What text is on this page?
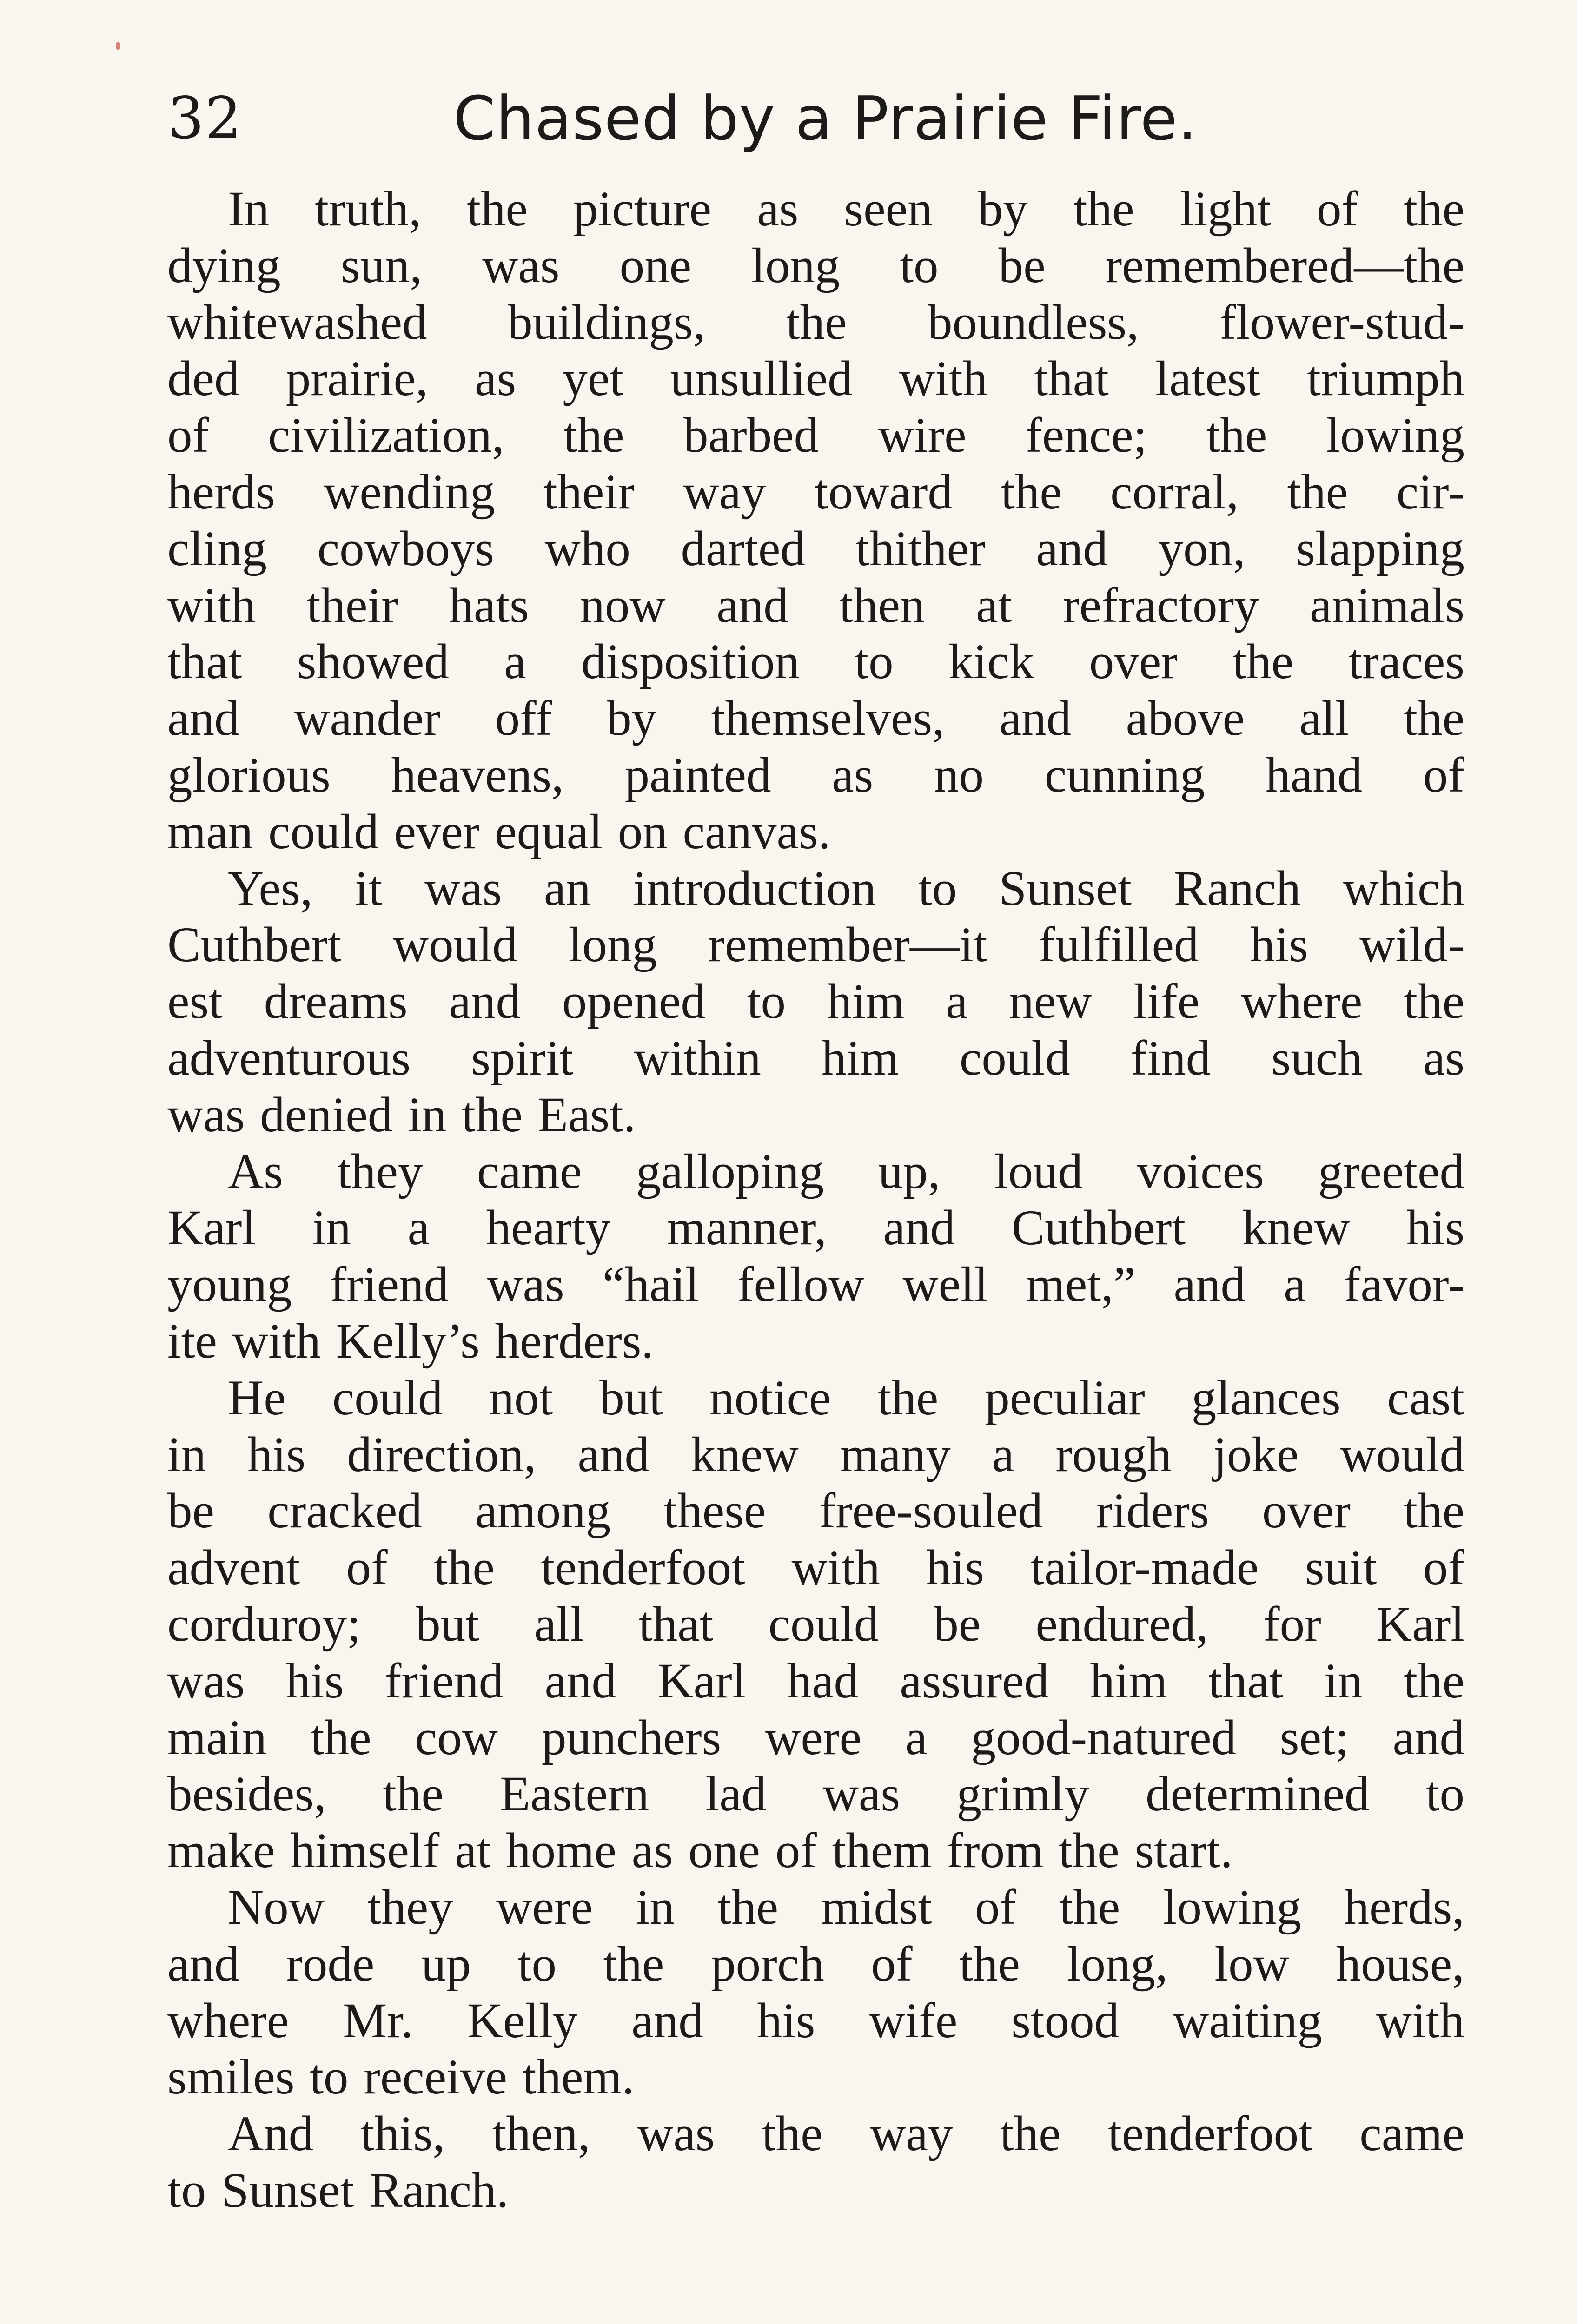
32	Chased by a Prairie Fire.
In truth, the picture as seen by the light of the
dying sun, was one long to be remembered—the
whitewashed buildings, the boundless, flower-stud-
ded prairie, as yet unsullied with that latest triumph
of civilization, the barbed wire fence; the lowing
herds wending their way toward the corral, the cir-
cling cowboys who darted thither and yon, slapping
with their hats now and then at refractory animals
that showed a disposition to kick over the traces
and wander off by themselves, and above all the
glorious heavens, painted as no cunning hand of
man could ever equal on canvas.
Yes, it was an introduction to Sunset Ranch which
Cuthbert would long remember—it fulfilled his wild-
est dreams and opened to him a new life where the
adventurous spirit within him could find such as
was denied in the East.
As they came galloping up, loud voices greeted
Karl in a hearty manner, and Cuthbert knew his
young friend was “hail fellow well met,” and a favor-
ite with Kelly’s herders.
He could not but notice the peculiar glances cast
in his direction, and knew many a rough joke would
be cracked among these free-souled riders over the
advent of the tenderfoot with his tailor-made suit of
corduroy; but all that could be endured, for Karl
was his friend and Karl had assured him that in the
main the cow punchers were a good-natured set; and
besides, the Eastern lad was grimly determined to
make himself at home as one of them from the start.
Now they were in the midst of the lowing herds,
and rode up to the porch of the long, low house,
where Mr. Kelly and his wife stood waiting with
smiles to receive them.
And this, then, was the way the tenderfoot came
to Sunset Ranch.
